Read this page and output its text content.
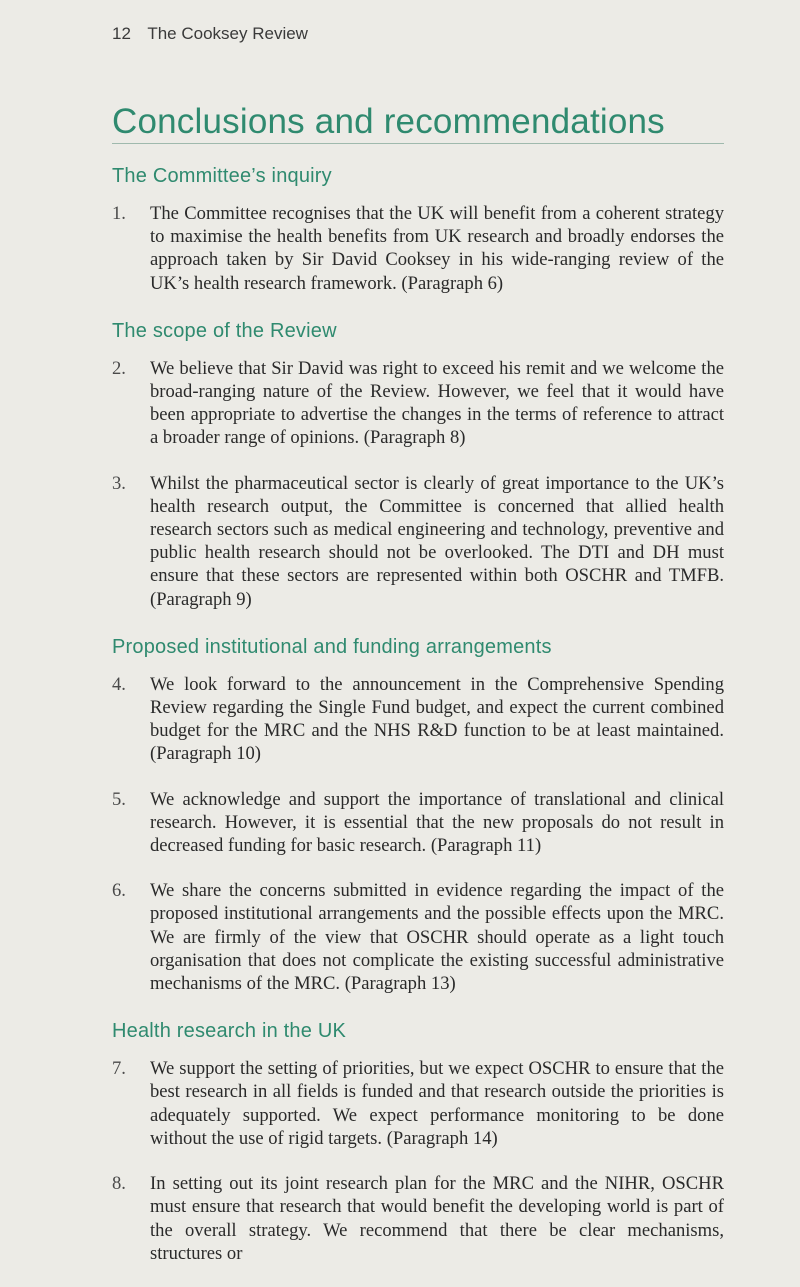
12 The Cooksey Review
Conclusions and recommendations
The Committee’s inquiry
1.	The Committee recognises that the UK will benefit from a coherent strategy to maximise the health benefits from UK research and broadly endorses the approach taken by Sir David Cooksey in his wide-ranging review of the UK’s health research framework. (Paragraph 6)
The scope of the Review
2.	We believe that Sir David was right to exceed his remit and we welcome the broad-ranging nature of the Review. However, we feel that it would have been appropriate to advertise the changes in the terms of reference to attract a broader range of opinions. (Paragraph 8)
3.	Whilst the pharmaceutical sector is clearly of great importance to the UK’s health research output, the Committee is concerned that allied health research sectors such as medical engineering and technology, preventive and public health research should not be overlooked. The DTI and DH must ensure that these sectors are represented within both OSCHR and TMFB. (Paragraph 9)
Proposed institutional and funding arrangements
4.	We look forward to the announcement in the Comprehensive Spending Review regarding the Single Fund budget, and expect the current combined budget for the MRC and the NHS R&D function to be at least maintained. (Paragraph 10)
5.	We acknowledge and support the importance of translational and clinical research. However, it is essential that the new proposals do not result in decreased funding for basic research. (Paragraph 11)
6.	We share the concerns submitted in evidence regarding the impact of the proposed institutional arrangements and the possible effects upon the MRC. We are firmly of the view that OSCHR should operate as a light touch organisation that does not complicate the existing successful administrative mechanisms of the MRC. (Paragraph 13)
Health research in the UK
7.	We support the setting of priorities, but we expect OSCHR to ensure that the best research in all fields is funded and that research outside the priorities is adequately supported. We expect performance monitoring to be done without the use of rigid targets. (Paragraph 14)
8.	In setting out its joint research plan for the MRC and the NIHR, OSCHR must ensure that research that would benefit the developing world is part of the overall strategy. We recommend that there be clear mechanisms, structures or
